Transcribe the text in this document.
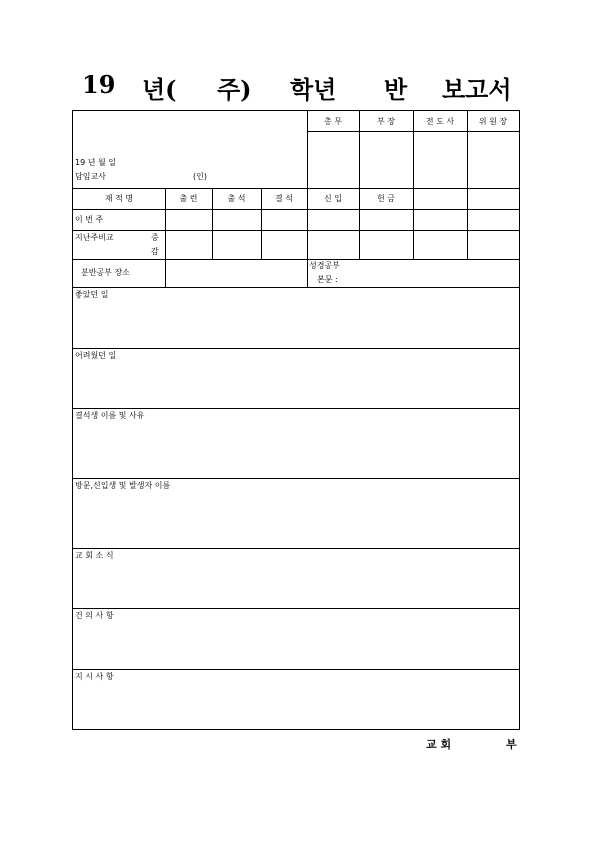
19 년( 주) 학년 반 보고서
총 무	부 장	전 도 사	위 원 장
19 년 월 일
담임교사	(인)
재 적 명	출 런	출 석	결 석	신 입	헌 금
이 번 주
지난주비교	증
감
분반공부 장소
성경공부
본문 :
좋았던 일
어려웠던 일
결석생 이름 및 사유
방문,신입생 및 발생자 이름
교 회 소 식
건 의 사 항
지 시 사 항
교 회	부
